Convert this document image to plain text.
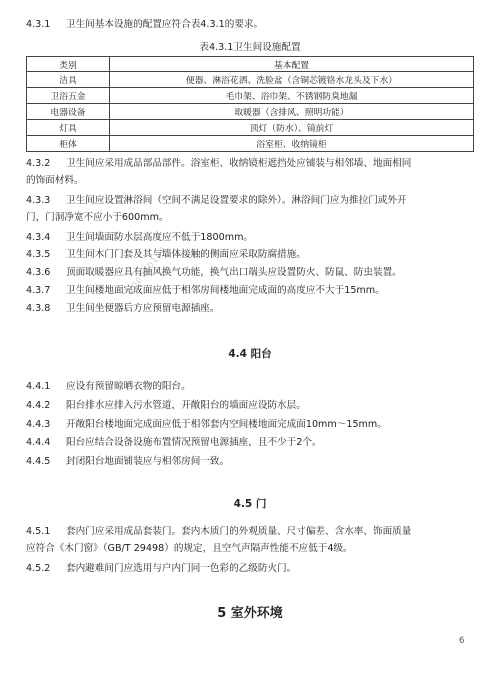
200920106
4.3.1 卫生间基本设施的配置应符合表4.3.1的要求。
表4.3.1卫生间设施配置
类别	基本配置
洁具	便器、淋浴花洒、洗脸盆（含铜芯镀铬水龙头及下水）
卫浴五金	毛巾架、浴巾架、不锈钢防臭地漏
电器设备	取暖器（含排风、照明功能）
灯具	顶灯（防水）、镜前灯
柜体	浴室柜、收纳镜柜
4.3.2 卫生间应采用成品部品部件。浴室柜、收纳镜柜遮挡处应铺装与相邻墙、地面相同
的饰面材料。
4.3.3 卫生间应设置淋浴间（空间不满足设置要求的除外）。淋浴间门应为推拉门或外开
门，门洞净宽不应小于600mm。
4.3.4 卫生间墙面防水层高度应不低于1800mm。
4.3.5 卫生间木门门套及其与墙体接触的侧面应采取防腐措施。
4.3.6 顶面取暖器应具有抽风换气功能，换气出口端头应设置防火、防鼠、防虫装置。
4.3.7 卫生间楼地面完成面应低于相邻房间楼地面完成面的高度应不大于15mm。
4.3.8 卫生间坐便器后方应预留电源插座。
4.4 阳台
4.4.1 应设有预留晾晒衣物的阳台。
4.4.2 阳台排水应排入污水管道，开敞阳台的墙面应设防水层。
4.4.3 开敞阳台楼地面完成面应低于相邻套内空间楼地面完成面10mm～15mm。
4.4.4 阳台应结合设备设施布置情况预留电源插座，且不少于2个。
4.4.5 封闭阳台地面铺装应与相邻房间一致。
4.5 门
4.5.1 套内门应采用成品套装门。套内木质门的外观质量、尺寸偏差、含水率、饰面质量
应符合《木门窗》（GB/T 29498）的规定，且空气声隔声性能不应低于4级。
4.5.2 套内避难间门应选用与户内门同一色彩的乙级防火门。
5 室外环境
6
